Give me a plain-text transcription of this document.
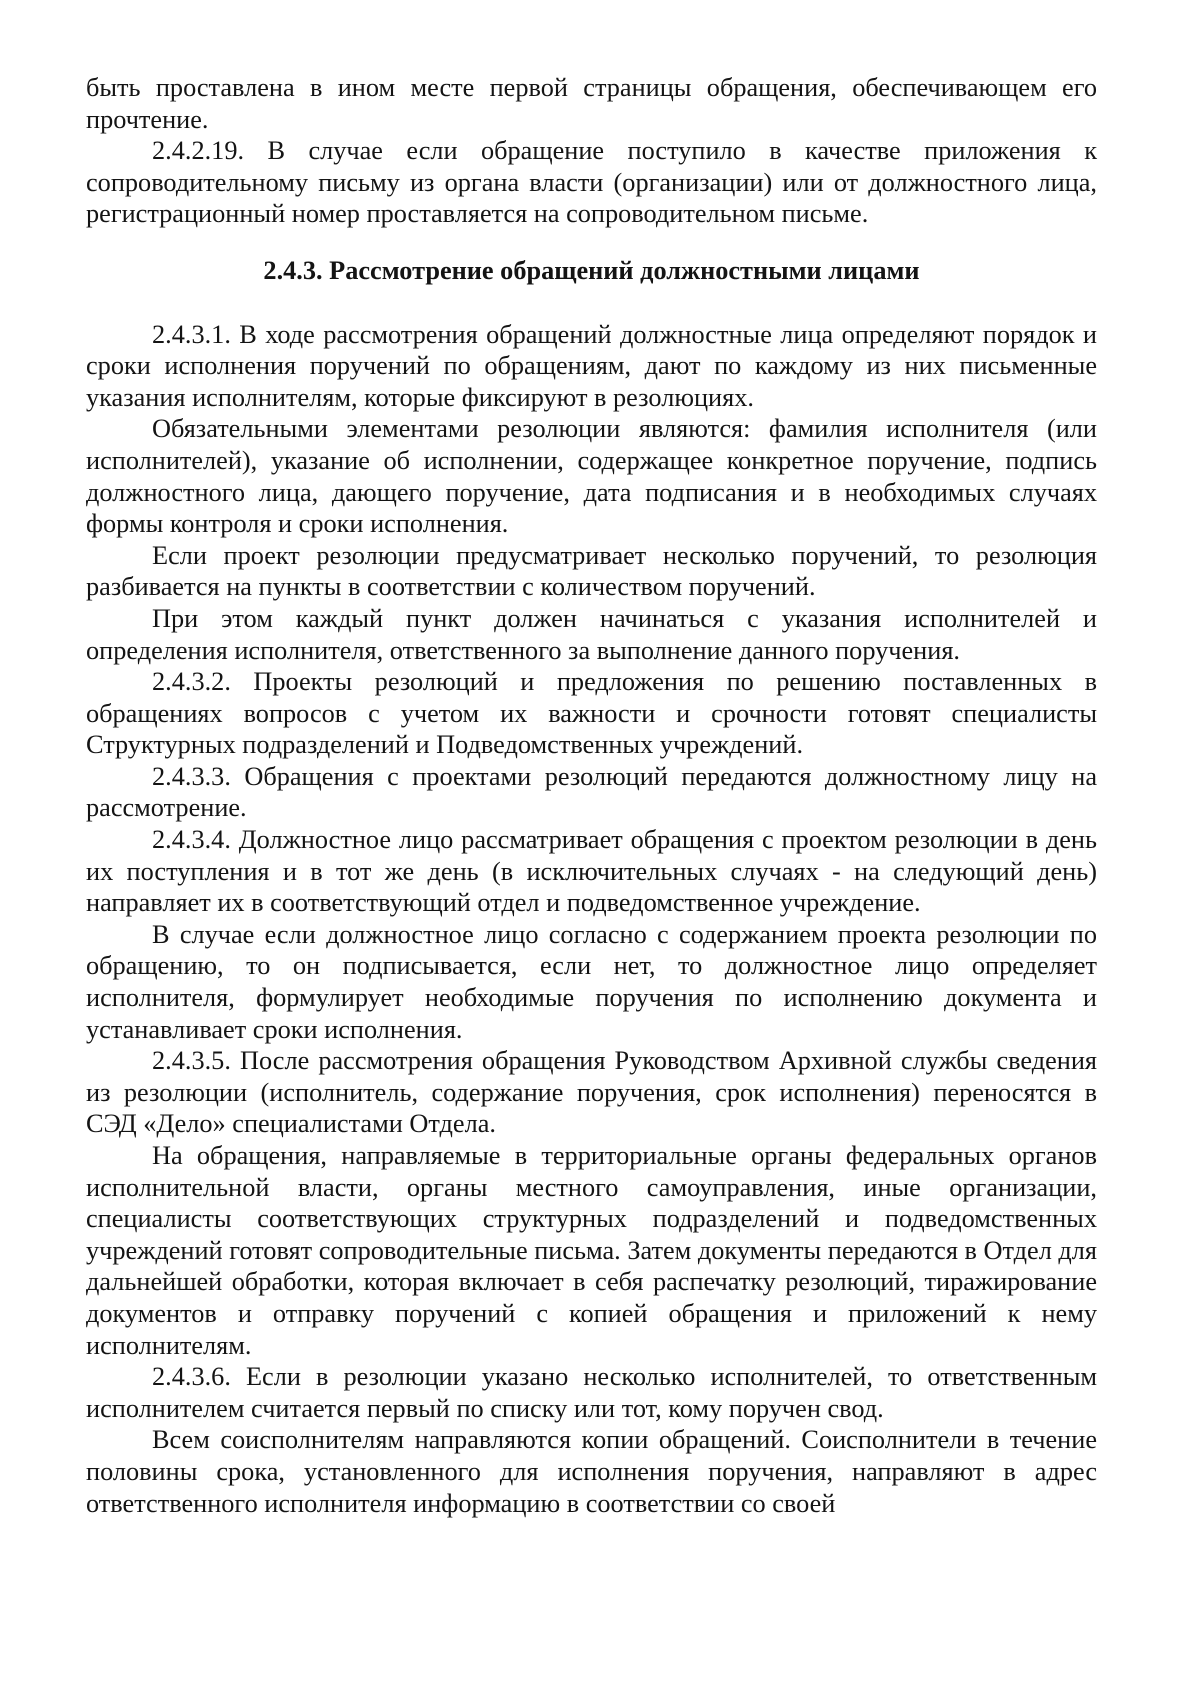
быть проставлена в ином месте первой страницы обращения, обеспечивающем его прочтение.

2.4.2.19. В случае если обращение поступило в качестве приложения к сопроводительному письму из органа власти (организации) или от должностного лица, регистрационный номер проставляется на сопроводительном письме.

2.4.3. Рассмотрение обращений должностными лицами

2.4.3.1. В ходе рассмотрения обращений должностные лица определяют порядок и сроки исполнения поручений по обращениям, дают по каждому из них письменные указания исполнителям, которые фиксируют в резолюциях.

Обязательными элементами резолюции являются: фамилия исполнителя (или исполнителей), указание об исполнении, содержащее конкретное поручение, подпись должностного лица, дающего поручение, дата подписания и в необходимых случаях формы контроля и сроки исполнения.

Если проект резолюции предусматривает несколько поручений, то резолюция разбивается на пункты в соответствии с количеством поручений.

При этом каждый пункт должен начинаться с указания исполнителей и определения исполнителя, ответственного за выполнение данного поручения.

2.4.3.2. Проекты резолюций и предложения по решению поставленных в обращениях вопросов с учетом их важности и срочности готовят специалисты Структурных подразделений и Подведомственных учреждений.

2.4.3.3. Обращения с проектами резолюций передаются должностному лицу на рассмотрение.

2.4.3.4. Должностное лицо рассматривает обращения с проектом резолюции в день их поступления и в тот же день (в исключительных случаях - на следующий день) направляет их в соответствующий отдел и подведомственное учреждение.

В случае если должностное лицо согласно с содержанием проекта резолюции по обращению, то он подписывается, если нет, то должностное лицо определяет исполнителя, формулирует необходимые поручения по исполнению документа и устанавливает сроки исполнения.

2.4.3.5. После рассмотрения обращения Руководством Архивной службы сведения из резолюции (исполнитель, содержание поручения, срок исполнения) переносятся в СЭД «Дело» специалистами Отдела.

На обращения, направляемые в территориальные органы федеральных органов исполнительной власти, органы местного самоуправления, иные организации, специалисты соответствующих структурных подразделений и подведомственных учреждений готовят сопроводительные письма. Затем документы передаются в Отдел для дальнейшей обработки, которая включает в себя распечатку резолюций, тиражирование документов и отправку поручений с копией обращения и приложений к нему исполнителям.

2.4.3.6. Если в резолюции указано несколько исполнителей, то ответственным исполнителем считается первый по списку или тот, кому поручен свод.

Всем соисполнителям направляются копии обращений. Соисполнители в течение половины срока, установленного для исполнения поручения, направляют в адрес ответственного исполнителя информацию в соответствии со своей
